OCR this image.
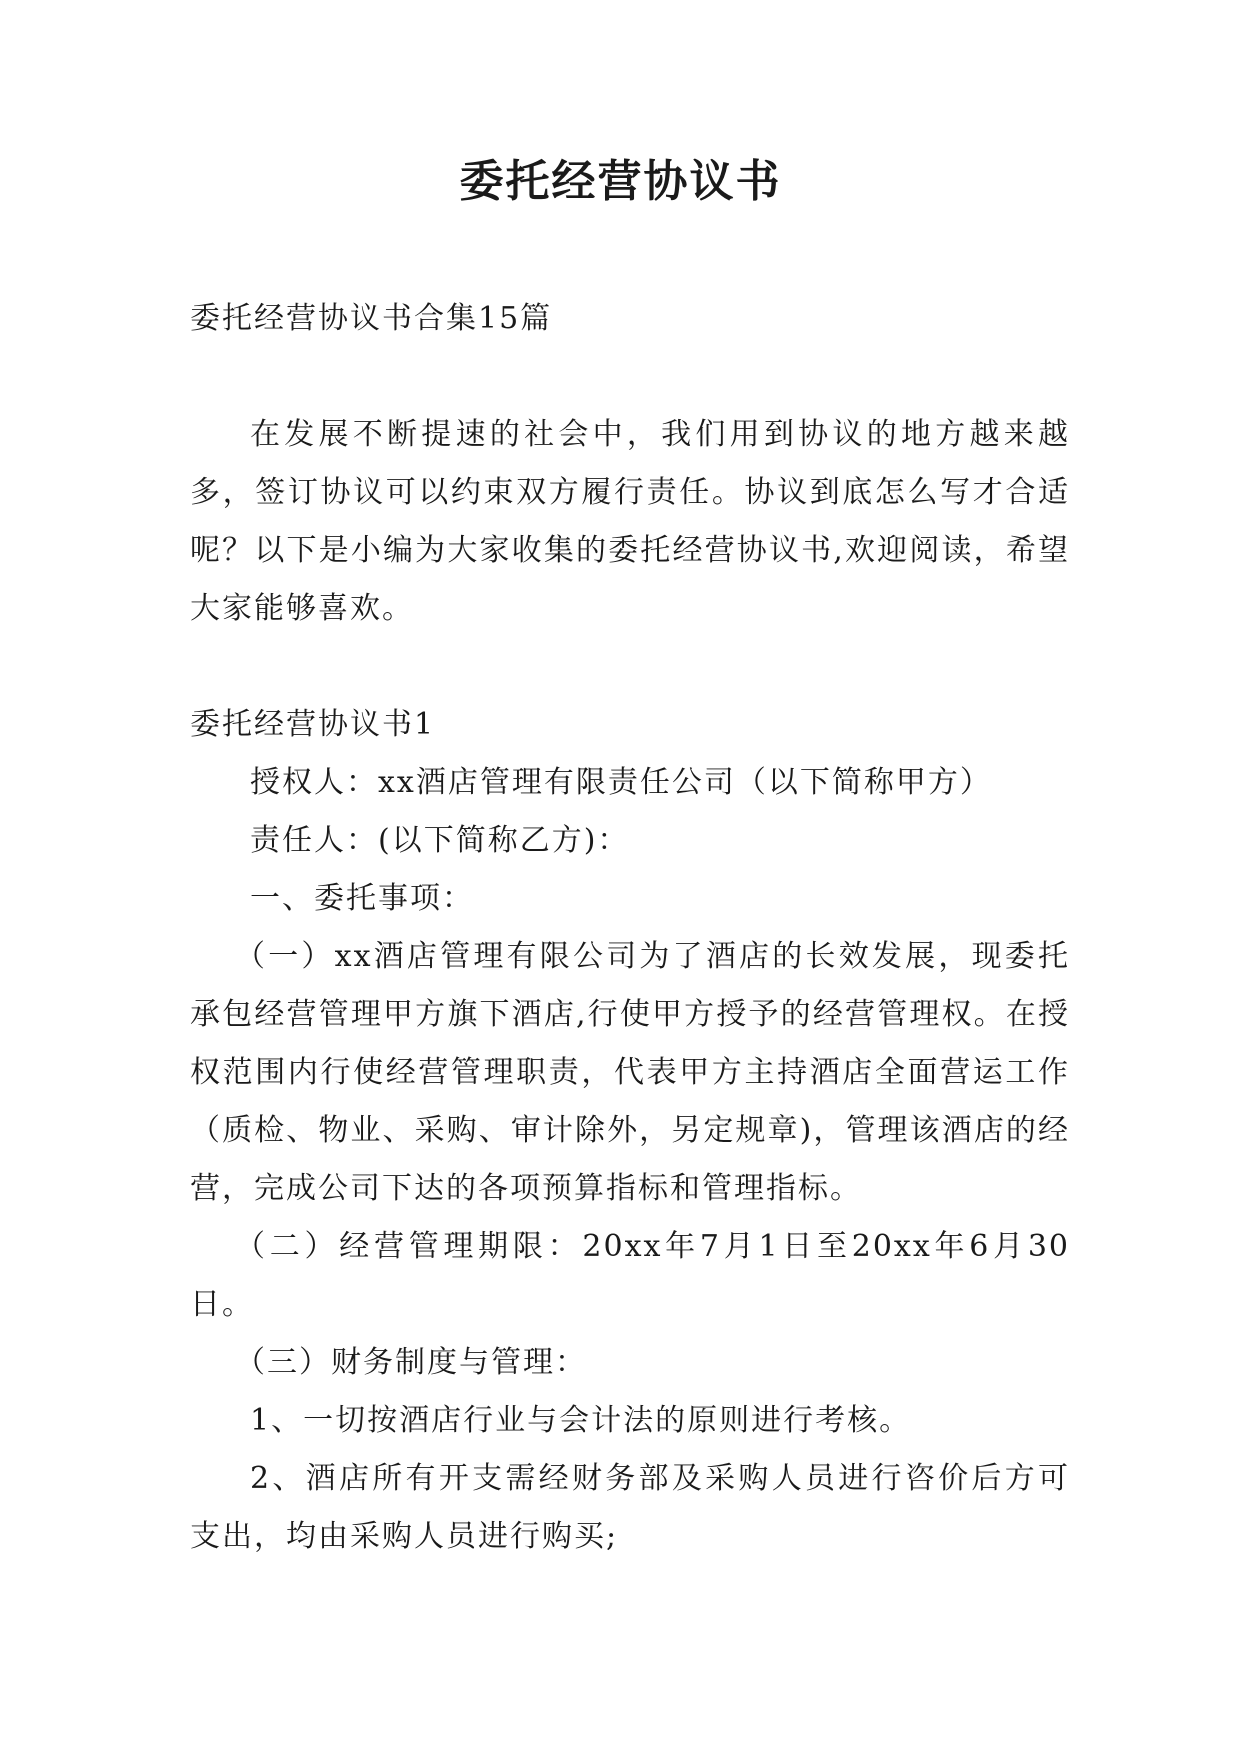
委托经营协议书

委托经营协议书合集15篇

在发展不断提速的社会中，我们用到协议的地方越来越多，签订协议可以约束双方履行责任。协议到底怎么写才合适呢？以下是小编为大家收集的委托经营协议书,欢迎阅读，希望大家能够喜欢。

委托经营协议书1

授权人：xx酒店管理有限责任公司（以下简称甲方）

责任人：(以下简称乙方)：

一、委托事项：

（一）xx酒店管理有限公司为了酒店的长效发展，现委托承包经营管理甲方旗下酒店,行使甲方授予的经营管理权。在授权范围内行使经营管理职责，代表甲方主持酒店全面营运工作（质检、物业、采购、审计除外，另定规章)，管理该酒店的经营，完成公司下达的各项预算指标和管理指标。

（二）经营管理期限：20xx年7月1日至20xx年6月30日。

（三）财务制度与管理：

1、一切按酒店行业与会计法的原则进行考核。

2、酒店所有开支需经财务部及采购人员进行咨价后方可支出，均由采购人员进行购买;
